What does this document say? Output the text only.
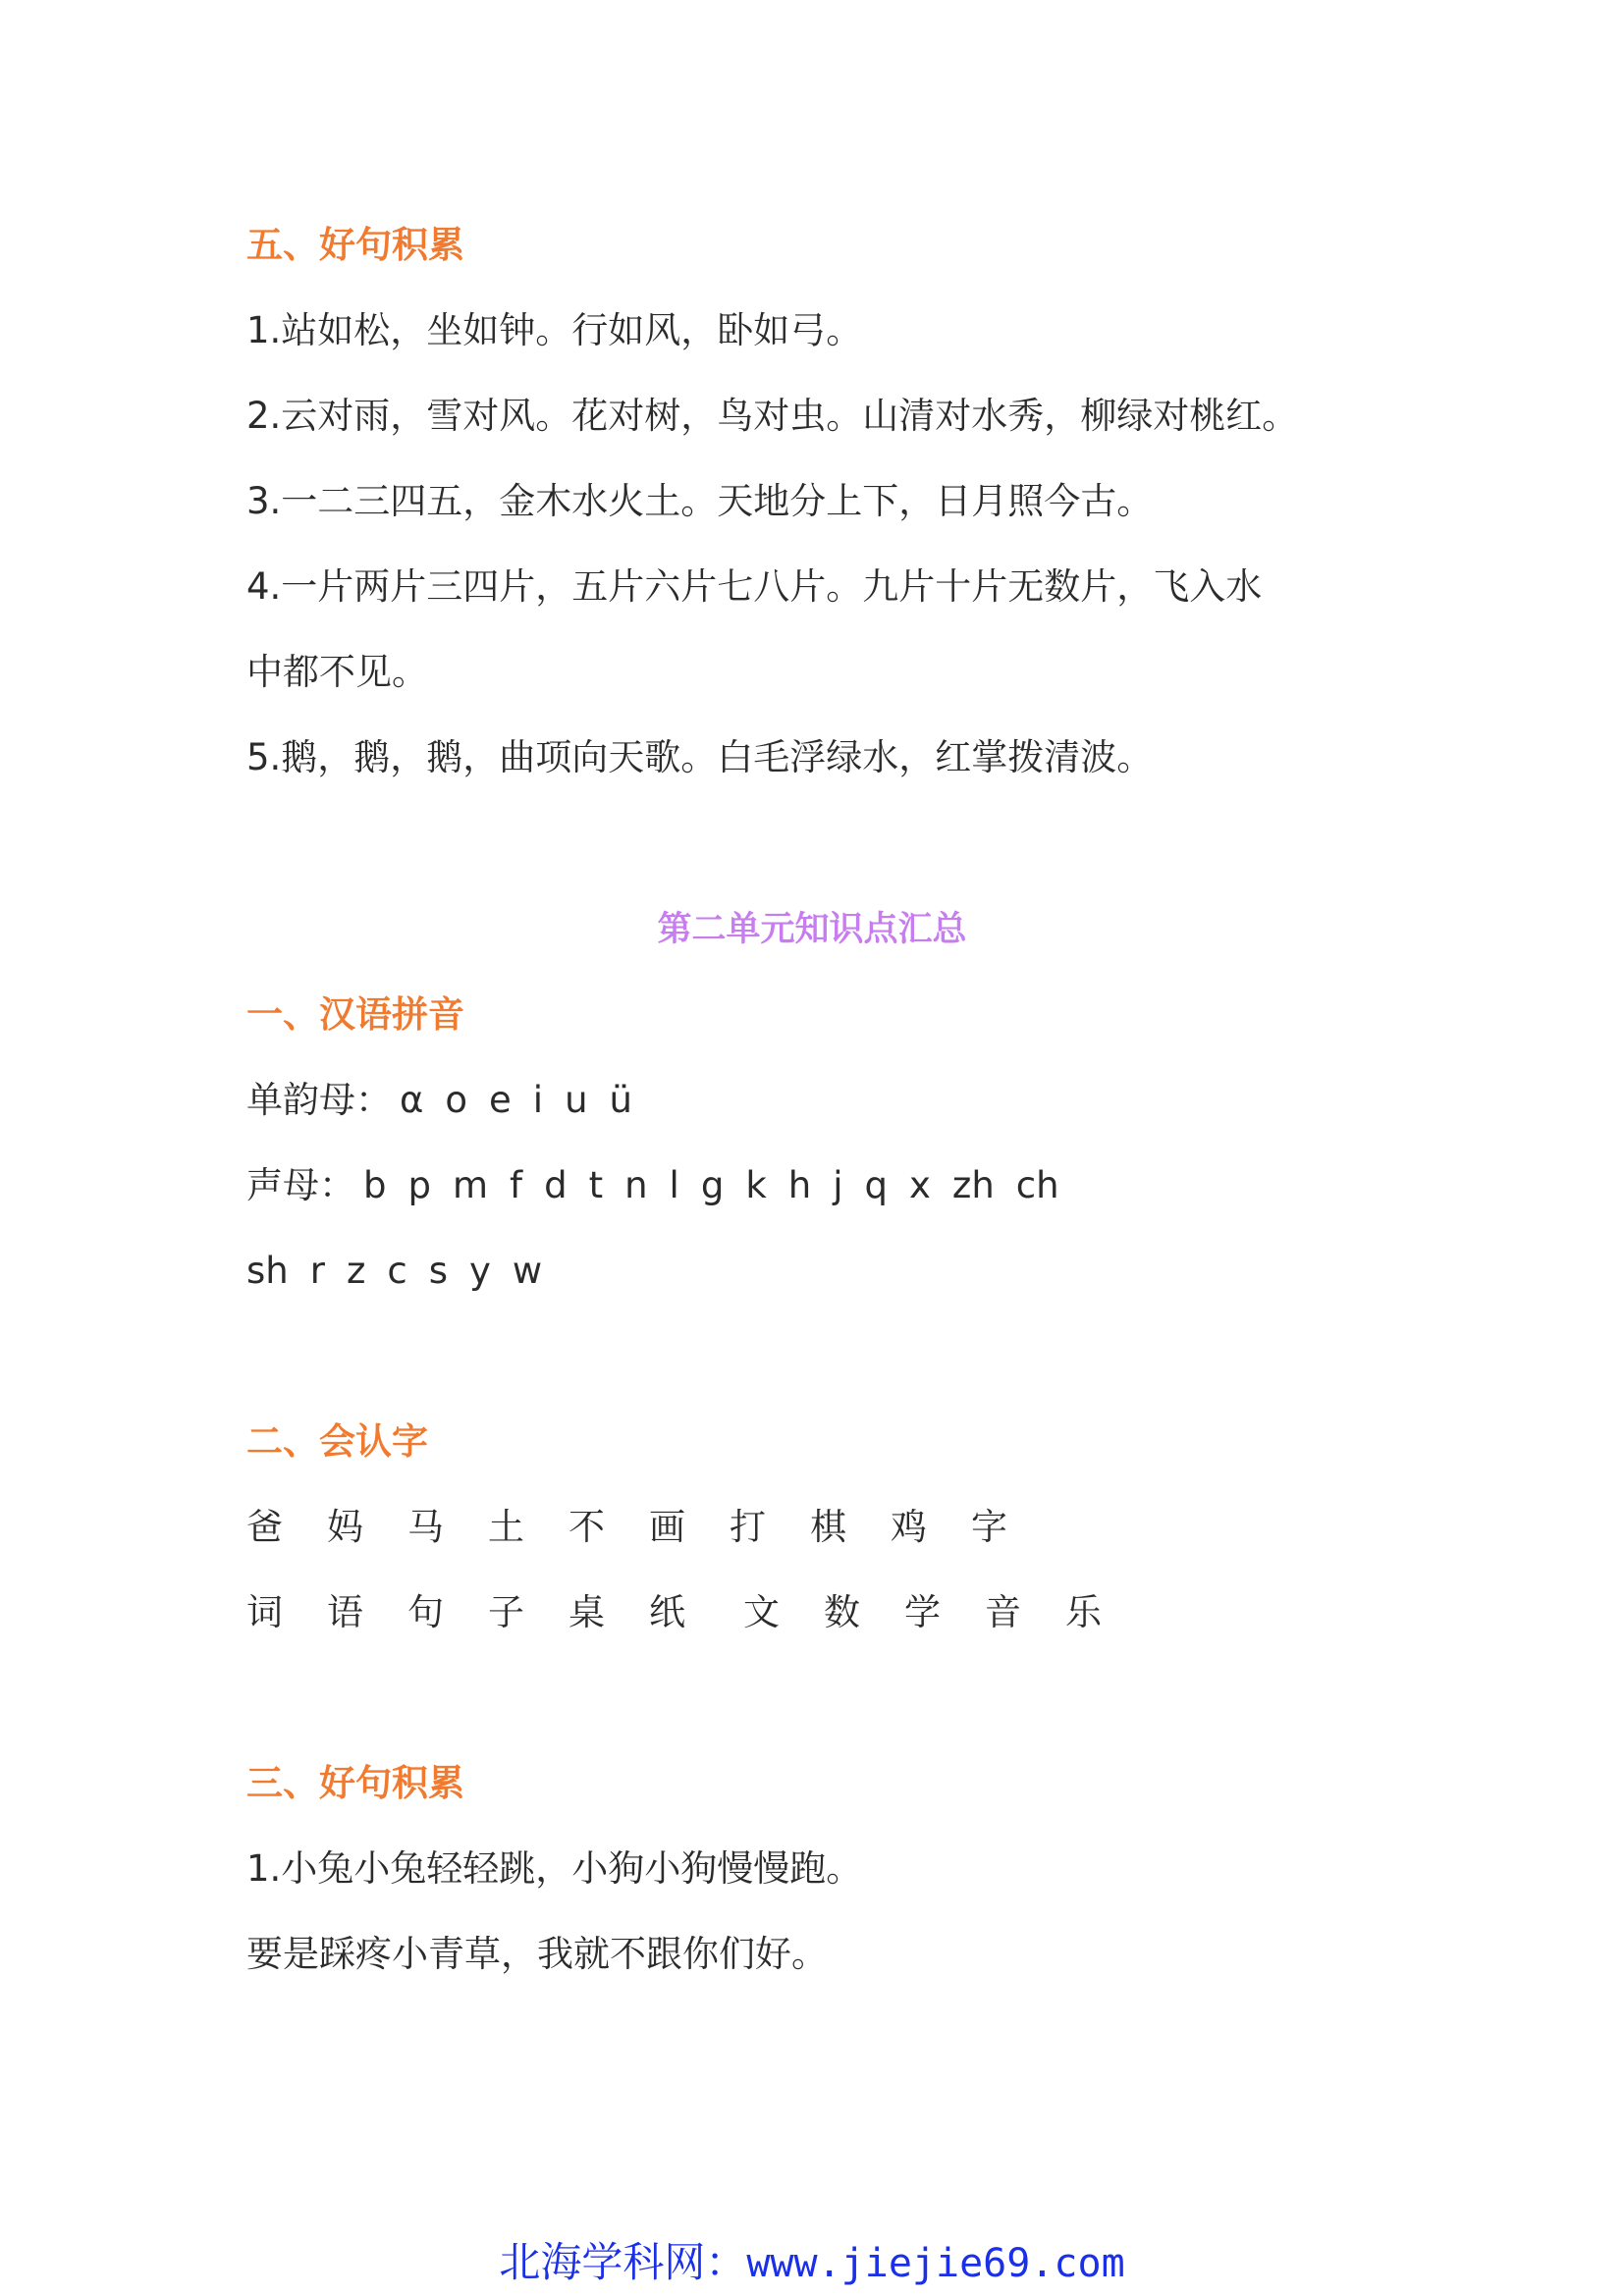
五、好句积累
1.站如松，坐如钟。行如风，卧如弓。
2.云对雨，雪对风。花对树，鸟对虫。山清对水秀，柳绿对桃红。
3.一二三四五，金木水火土。天地分上下，日月照今古。
4.一片两片三四片，五片六片七八片。九片十片无数片，飞入水
中都不见。
5.鹅，鹅，鹅，曲项向天歌。白毛浮绿水，红掌拨清波。
第二单元知识点汇总
一、汉语拼音
单韵母： α o e i u ü
声母： b p m f d t n l g k h j q x zh ch
sh r z c s y w
二、会认字
爸 妈 马 土 不 画 打 棋 鸡 字
词 语 句 子 桌 纸 文 数 学 音 乐
三、好句积累
1.小兔小兔轻轻跳，小狗小狗慢慢跑。
要是踩疼小青草，我就不跟你们好。
北海学科网：www.jiejie69.com
